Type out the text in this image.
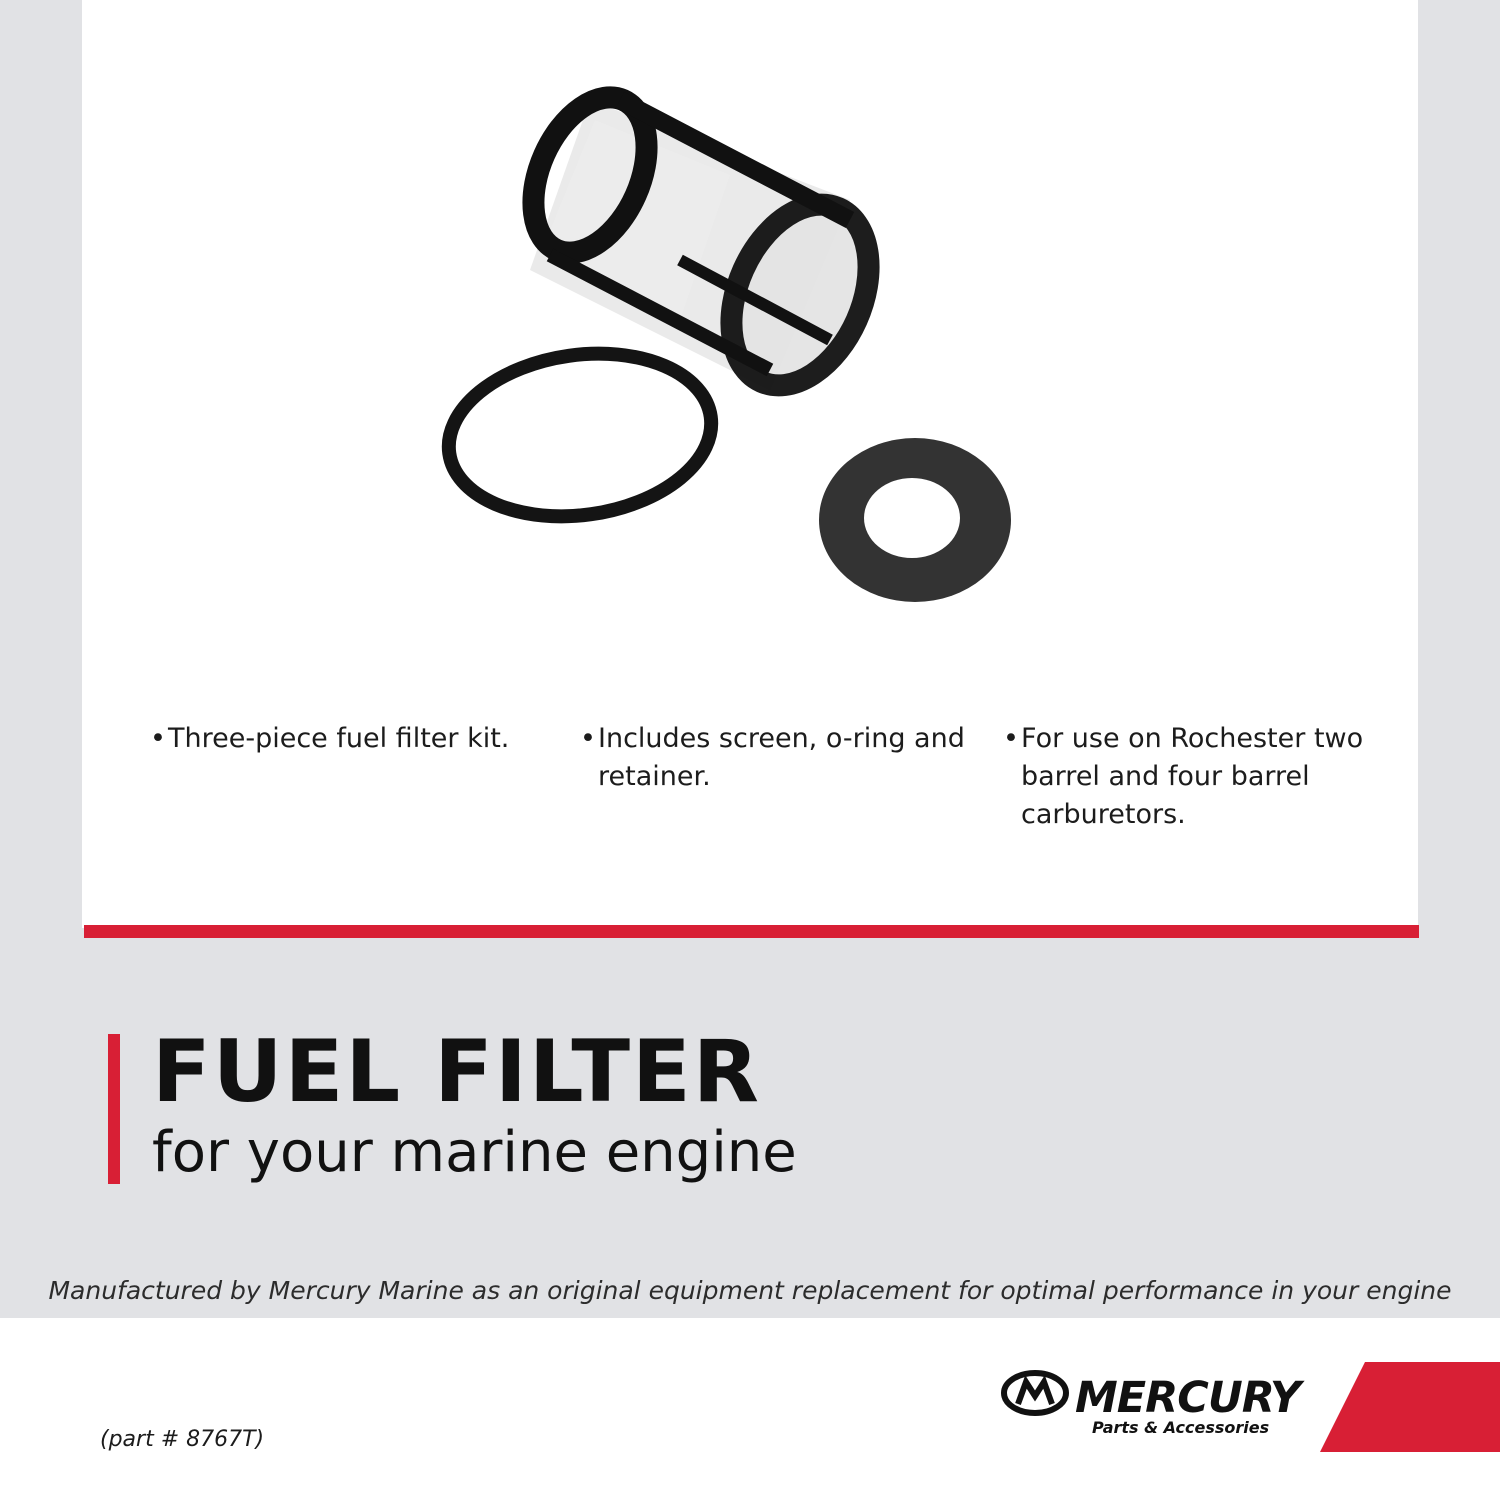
• Three-piece fuel filter kit.	• Includes screen, o-ring and retainer.
• For use on Rochester two barrel and four barrel carburetors.
FUEL FILTER
for your marine engine
Manufactured by Mercury Marine as an original equipment replacement for optimal performance in your engine
(part # 8767T)
MERCURY
Parts & Accessories
